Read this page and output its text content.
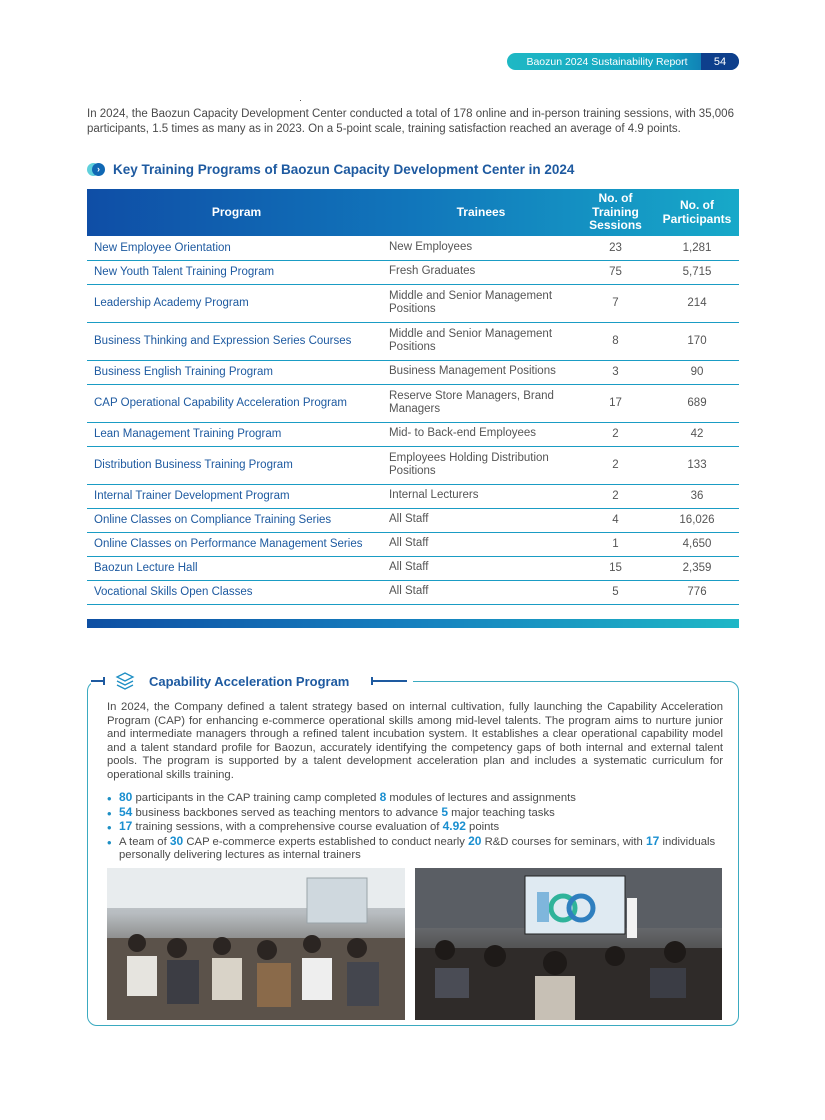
Baozun 2024 Sustainability Report	54

In 2024, the Baozun Capacity Development Center conducted a total of 178 online and in-person training sessions, with 35,006 participants, 1.5 times as many as in 2023. On a 5-point scale, training satisfaction reached an average of 4.9 points.

› Key Training Programs of Baozun Capacity Development Center in 2024
Program	Trainees	No. of Training Sessions	No. of Participants
New Employee Orientation	New Employees	23	1,281
New Youth Talent Training Program	Fresh Graduates	75	5,715
Leadership Academy Program	Middle and Senior Management Positions	7	214
Business Thinking and Expression Series Courses	Middle and Senior Management Positions	8	170
Business English Training Program	Business Management Positions	3	90
CAP Operational Capability Acceleration Program	Reserve Store Managers, Brand Managers	17	689
Lean Management Training Program	Mid- to Back-end Employees	2	42
Distribution Business Training Program	Employees Holding Distribution Positions	2	133
Internal Trainer Development Program	Internal Lecturers	2	36
Online Classes on Compliance Training Series	All Staff	4	16,026
Online Classes on Performance Management Series	All Staff	1	4,650
Baozun Lecture Hall	All Staff	15	2,359
Vocational Skills Open Classes	All Staff	5	776
Capability Acceleration Program

In 2024, the Company defined a talent strategy based on internal cultivation, fully launching the Capability Acceleration Program (CAP) for enhancing e-commerce operational skills among mid-level talents. The program aims to nurture junior and intermediate managers through a refined talent incubation system. It establishes a clear operational capability model and a talent standard profile for Baozun, accurately identifying the competency gaps of both internal and external talent pools. The program is supported by a talent development acceleration plan and includes a systematic curriculum for operational skills training.

• 80 participants in the CAP training camp completed 8 modules of lectures and assignments
• 54 business backbones served as teaching mentors to advance 5 major teaching tasks
• 17 training sessions, with a comprehensive course evaluation of 4.92 points
• A team of 30 CAP e-commerce experts established to conduct nearly 20 R&D courses for seminars, with 17 individuals personally delivering lectures as internal trainers
